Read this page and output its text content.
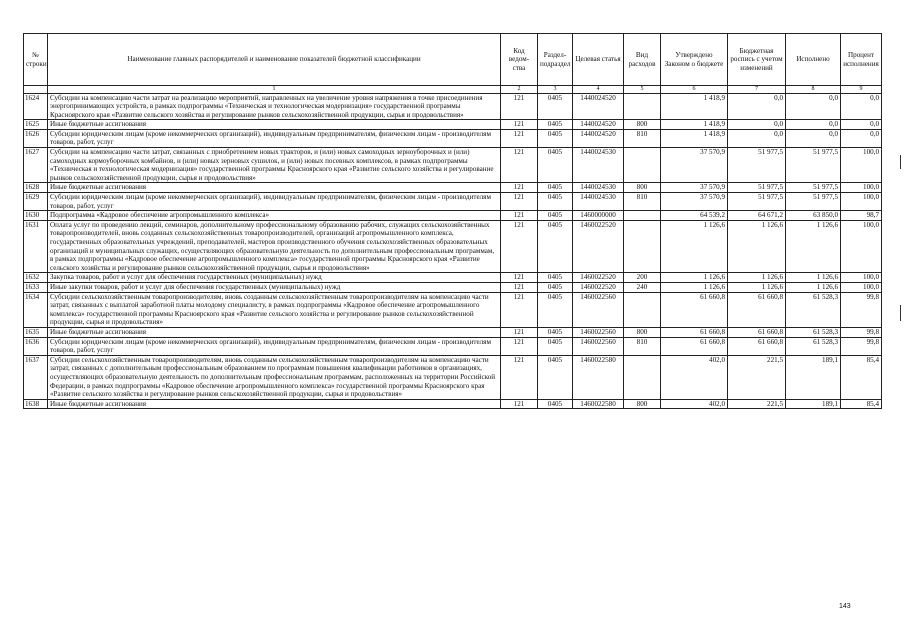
№ строки	Наименование главных распорядителей и наименование показателей бюджетной классификации	Код ведом-ства	Раздел-подраздел	Целевая статья	Вид расходов	Утверждено Законом о бюджете	Бюджетная роспись с учетом изменений	Исполнено	Процент исполнения
	1	2	3	4	5	6	7	8	9
1624	Субсидии на компенсацию части затрат на реализацию мероприятий, направленных на увеличение уровня напряжения в точке присоединения энергопринимающих устройств, в рамках подпрограммы «Техническая и технологическая модернизация» государственной программы Красноярского края «Развитие сельского хозяйства и регулирование рынков сельскохозяйственной продукции, сырья и продовольствия»	121	0405	1440024520		1 418,9	0,0	0,0	0,0
1625	Иные бюджетные ассигнования	121	0405	1440024520	800	1 418,9	0,0	0,0	0,0
1626	Субсидии юридическим лицам (кроме некоммерческих организаций), индивидуальным предпринимателям, физическим лицам - производителям товаров, работ, услуг	121	0405	1440024520	810	1 418,9	0,0	0,0	0,0
1627	Субсидии на компенсацию части затрат, связанных с приобретением новых тракторов, и (или) новых самоходных зерноуборочных и (или) самоходных кормоуборочных комбайнов, и (или) новых зерновых сушилок, и (или) новых посевных комплексов, в рамках подпрограммы «Техническая и технологическая модернизация» государственной программы Красноярского края «Развитие сельского хозяйства и регулирование рынков сельскохозяйственной продукции, сырья и продовольствия»	121	0405	1440024530		37 570,9	51 977,5	51 977,5	100,0
1628	Иные бюджетные ассигнования	121	0405	1440024530	800	37 570,9	51 977,5	51 977,5	100,0
1629	Субсидии юридическим лицам (кроме некоммерческих организаций), индивидуальным предпринимателям, физическим лицам - производителям товаров, работ, услуг	121	0405	1440024530	810	37 570,9	51 977,5	51 977,5	100,0
1630	Подпрограмма «Кадровое обеспечение агропромышленного комплекса»	121	0405	1460000000		64 539,2	64 671,2	63 850,0	98,7
1631	Оплата услуг по проведению лекций, семинаров, дополнительному профессиональному образованию рабочих, служащих сельскохозяйственных товаропроизводителей, вновь созданных сельскохозяйственных товаропроизводителей, организаций агропромышленного комплекса, государственных образовательных учреждений, преподавателей, мастеров производственного обучения сельскохозяйственных образовательных организаций и муниципальных служащих, осуществляющих образовательную деятельность по дополнительным профессиональным программам, в рамках подпрограммы «Кадровое обеспечение агропромышленного комплекса» государственной программы Красноярского края «Развитие сельского хозяйства и регулирование рынков сельскохозяйственной продукции, сырья и продовольствия»	121	0405	1460022520		1 126,6	1 126,6	1 126,6	100,0
1632	Закупка товаров, работ и услуг для обеспечения государственных (муниципальных) нужд	121	0405	1460022520	200	1 126,6	1 126,6	1 126,6	100,0
1633	Иные закупки товаров, работ и услуг для обеспечения государственных (муниципальных) нужд	121	0405	1460022520	240	1 126,6	1 126,6	1 126,6	100,0
1634	Субсидии сельскохозяйственным товаропроизводителям, вновь созданным сельскохозяйственным товаропроизводителям на компенсацию части затрат, связанных с выплатой заработной платы молодому специалисту, в рамках подпрограммы «Кадровое обеспечение агропромышленного комплекса» государственной программы Красноярского края «Развитие сельского хозяйства и регулирование рынков сельскохозяйственной продукции, сырья и продовольствия»	121	0405	1460022560		61 660,8	61 660,8	61 528,3	99,8
1635	Иные бюджетные ассигнования	121	0405	1460022560	800	61 660,8	61 660,8	61 528,3	99,8
1636	Субсидии юридическим лицам (кроме некоммерческих организаций), индивидуальным предпринимателям, физическим лицам - производителям товаров, работ, услуг	121	0405	1460022560	810	61 660,8	61 660,8	61 528,3	99,8
1637	Субсидии сельскохозяйственным товаропроизводителям, вновь созданным сельскохозяйственным товаропроизводителям на компенсацию части затрат, связанных с дополнительным профессиональным образованием по программам повышения квалификации работников в организациях, осуществляющих образовательную деятельность по дополнительным профессиональным программам, расположенных на территории Российской Федерации, в рамках подпрограммы «Кадровое обеспечение агропромышленного комплекса» государственной программы Красноярского края «Развитие сельского хозяйства и регулирование рынков сельскохозяйственной продукции, сырья и продовольствия»	121	0405	1460022580		402,0	221,5	189,1	85,4
1638	Иные бюджетные ассигнования	121	0405	1460022580	800	402,0	221,5	189,1	85,4
143
